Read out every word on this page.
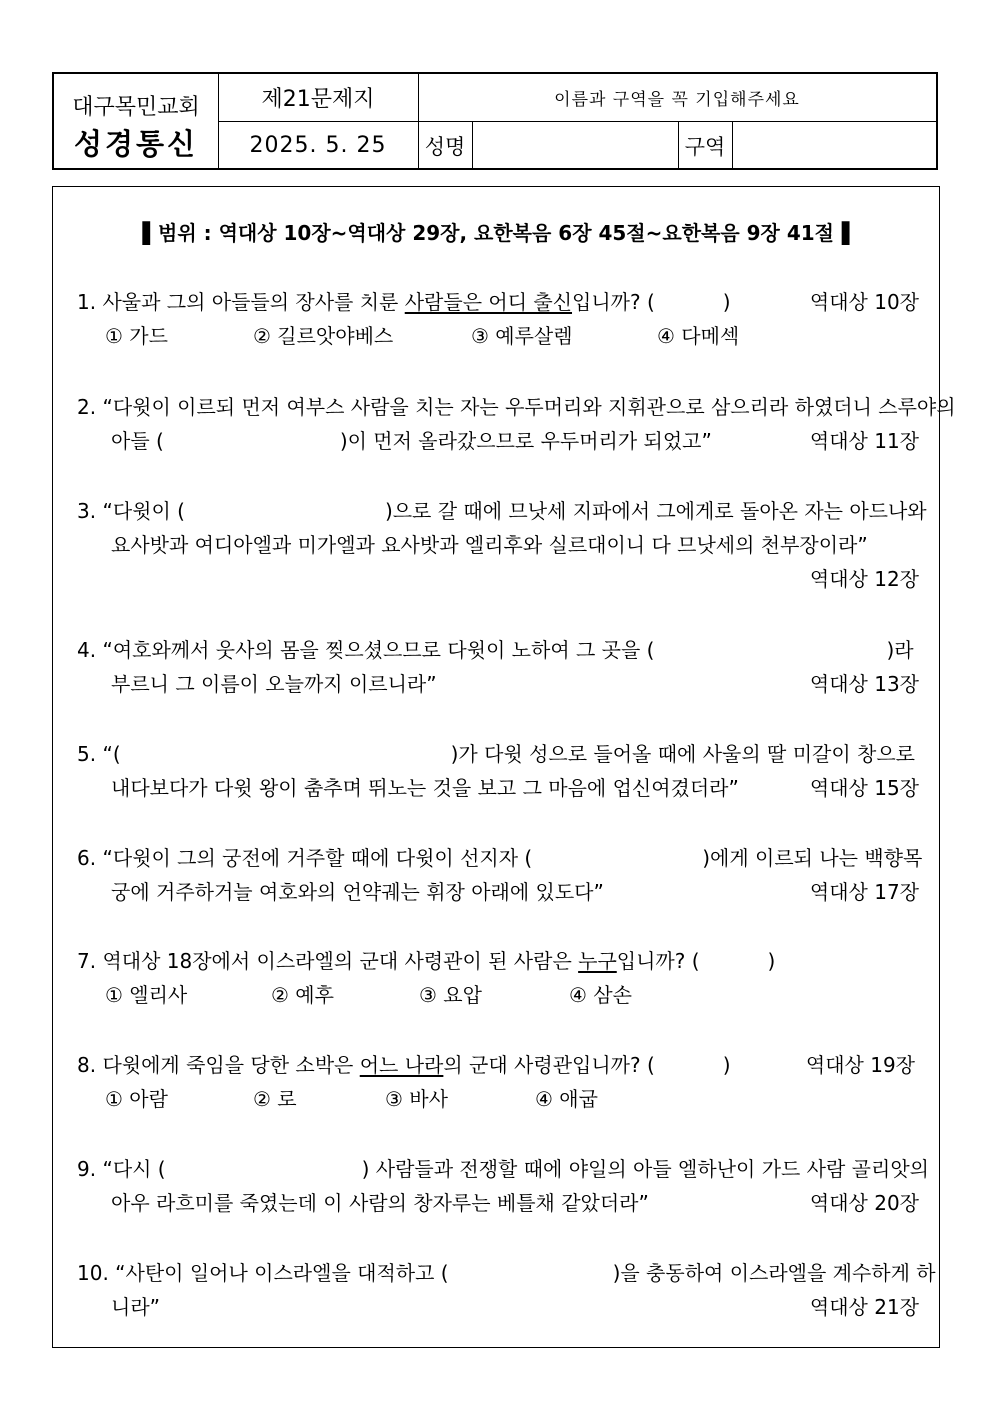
대구목민교회
성경통신
제21문제지
2025. 5. 25
이름과 구역을 꼭 기입해주세요
성명	구역
▌범위 : 역대상 10장~역대상 29장, 요한복음 6장 45절~요한복음 9장 41절▐
1. 사울과 그의 아들들의 장사를 치룬 사람들은 어디 출신입니까? (	)	역대상 10장
① 가드	② 길르앗야베스	③ 예루살렘	④ 다메섹
2. “다윗이 이르되 먼저 여부스 사람을 치는 자는 우두머리와 지휘관으로 삼으리라 하였더니 스루야의
아들 (	)이 먼저 올라갔으므로 우두머리가 되었고”	역대상 11장
3. “다윗이 (	)으로 갈 때에 므낫세 지파에서 그에게로 돌아온 자는 아드나와
요사밧과 여디아엘과 미가엘과 요사밧과 엘리후와 실르대이니 다 므낫세의 천부장이라”
역대상 12장
4. “여호와께서 웃사의 몸을 찢으셨으므로 다윗이 노하여 그 곳을 (	)라
부르니 그 이름이 오늘까지 이르니라”	역대상 13장
5. “(	)가 다윗 성으로 들어올 때에 사울의 딸 미갈이 창으로
내다보다가 다윗 왕이 춤추며 뛰노는 것을 보고 그 마음에 업신여겼더라”	역대상 15장
6. “다윗이 그의 궁전에 거주할 때에 다윗이 선지자 (	)에게 이르되 나는 백향목
궁에 거주하거늘 여호와의 언약궤는 휘장 아래에 있도다”	역대상 17장
7. 역대상 18장에서 이스라엘의 군대 사령관이 된 사람은 누구입니까? (	)
① 엘리사	② 예후	③ 요압	④ 삼손
8. 다윗에게 죽임을 당한 소박은 어느 나라의 군대 사령관입니까? (	)	역대상 19장
① 아람	② 로	③ 바사	④ 애굽
9. “다시 (	) 사람들과 전쟁할 때에 야일의 아들 엘하난이 가드 사람 골리앗의
아우 라흐미를 죽였는데 이 사람의 창자루는 베틀채 같았더라”	역대상 20장
10. “사탄이 일어나 이스라엘을 대적하고 (	)을 충동하여 이스라엘을 계수하게 하
니라”	역대상 21장
